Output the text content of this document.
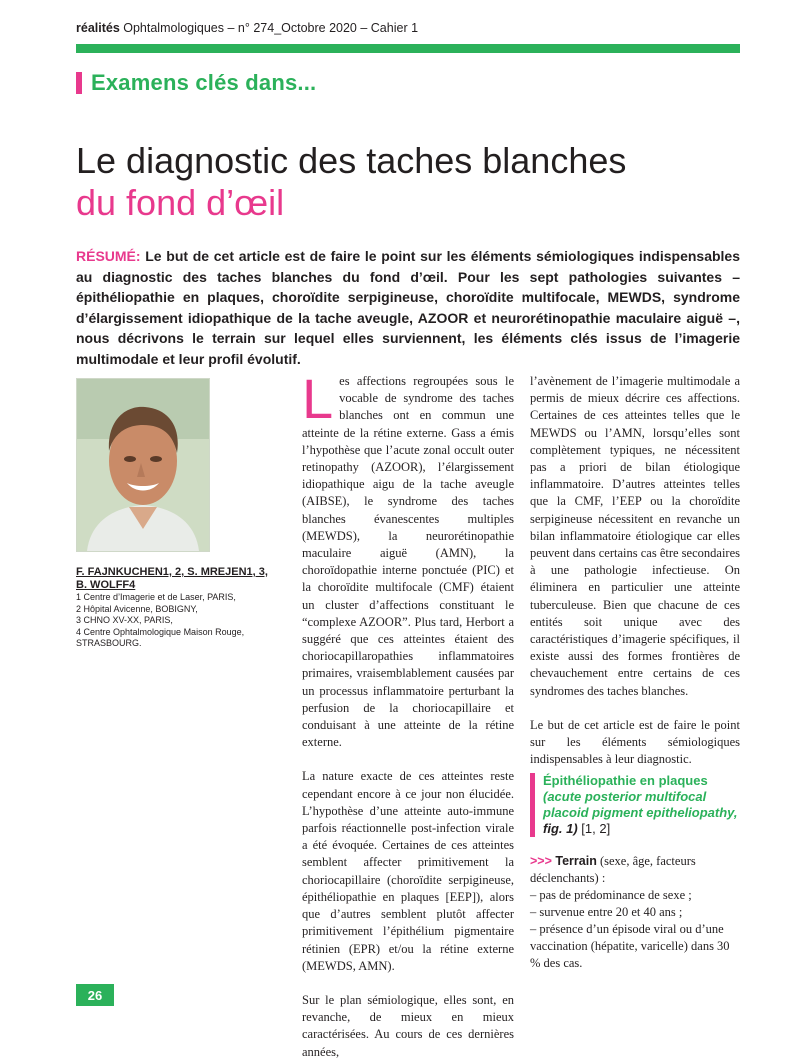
réalités Ophtalmologiques – n° 274_Octobre 2020 – Cahier 1
Examens clés dans...
Le diagnostic des taches blanches
du fond d’œil
RÉSUMÉ: Le but de cet article est de faire le point sur les éléments sémiologiques indispensables au diagnostic des taches blanches du fond d’œil. Pour les sept pathologies suivantes – épithéliopathie en plaques, choroïdite serpigineuse, choroïdite multifocale, MEWDS, syndrome d’élargissement idiopathique de la tache aveugle, AZOOR et neurorétinopathie maculaire aiguë –, nous décrivons le terrain sur lequel elles surviennent, les éléments clés issus de l’imagerie multimodale et leur profil évolutif.
F. FAJNKUCHEN1, 2, S. MREJEN1, 3, B. WOLFF4
1 Centre d’Imagerie et de Laser, PARIS,
2 Hôpital Avicenne, BOBIGNY,
3 CHNO XV-XX, PARIS,
4 Centre Ophtalmologique Maison Rouge, STRASBOURG.

Les affections regroupées sous le vocable de syndrome des taches blanches ont en commun une atteinte de la rétine externe. Gass a émis l’hypothèse que l’acute zonal occult outer retinopathy (AZOOR), l’élargissement idiopathique aigu de la tache aveugle (AIBSE), le syndrome des taches blanches évanescentes multiples (MEWDS), la neurorétinopathie maculaire aiguë (AMN), la choroïdopathie interne ponctuée (PIC) et la choroïdite multifocale (CMF) étaient un cluster d’affections constituant le “complexe AZOOR”. Plus tard, Herbort a suggéré que ces atteintes étaient des choriocapillaropathies inflammatoires primaires, vraisemblablement causées par un processus inflammatoire perturbant la perfusion de la choriocapillaire et conduisant à une atteinte de la rétine externe.

La nature exacte de ces atteintes reste cependant encore à ce jour non élucidée. L’hypothèse d’une atteinte auto-immune parfois réactionnelle post-infection virale a été évoquée. Certaines de ces atteintes semblent affecter primitivement la choriocapillaire (choroïdite serpigineuse, épithéliopathie en plaques [EEP]), alors que d’autres semblent plutôt affecter primitivement l’épithélium pigmentaire rétinien (EPR) et/ou la rétine externe (MEWDS, AMN).

Sur le plan sémiologique, elles sont, en revanche, de mieux en mieux caractérisées. Au cours de ces dernières années,

l’avènement de l’imagerie multimodale a permis de mieux décrire ces affections. Certaines de ces atteintes telles que le MEWDS ou l’AMN, lorsqu’elles sont complètement typiques, ne nécessitent pas a priori de bilan étiologique inflammatoire. D’autres atteintes telles que la CMF, l’EEP ou la choroïdite serpigineuse nécessitent en revanche un bilan inflammatoire étiologique car elles peuvent dans certains cas être secondaires à une pathologie infectieuse. On éliminera en particulier une atteinte tuberculeuse. Bien que chacune de ces entités soit unique avec des caractéristiques d’imagerie spécifiques, il existe aussi des formes frontières de chevauchement entre certains de ces syndromes des taches blanches.

Le but de cet article est de faire le point sur les éléments sémiologiques indispensables à leur diagnostic.

Épithéliopathie en plaques
(acute posterior multifocal placoid pigment epitheliopathy, fig. 1) [1, 2]
>>> Terrain (sexe, âge, facteurs déclenchants) :
– pas de prédominance de sexe ;
– survenue entre 20 et 40 ans ;
– présence d’un épisode viral ou d’une vaccination (hépatite, varicelle) dans 30 % des cas.
26
